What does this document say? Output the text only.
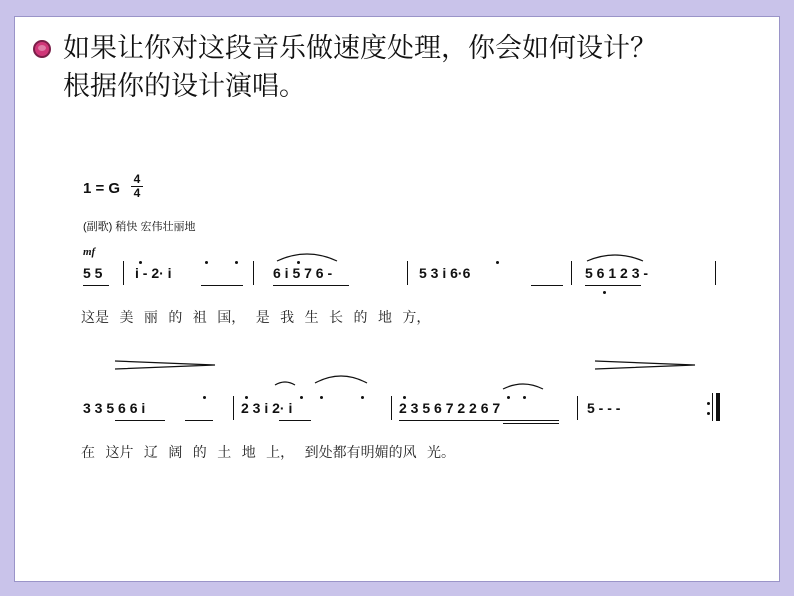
如果让你对这段音乐做速度处理，你会如何设计？
根据你的设计演唱。
1 = G
4
4
(副歌) 稍快 宏伟壮丽地
mf
5 5 i - 2· i	6 i 5 7 6 -	5 3 i 6·6	5 6 1 2 3 -
这是 美 丽 的 祖 国， 是 我 生 长 的 地 方，
3 3 5 6 6 i	2 3 i 2· i	2 3 5 6 7 2 2 6 7	5 - - -
在 这片 辽 阔 的 土 地 上， 到处都有明媚的风 光。
